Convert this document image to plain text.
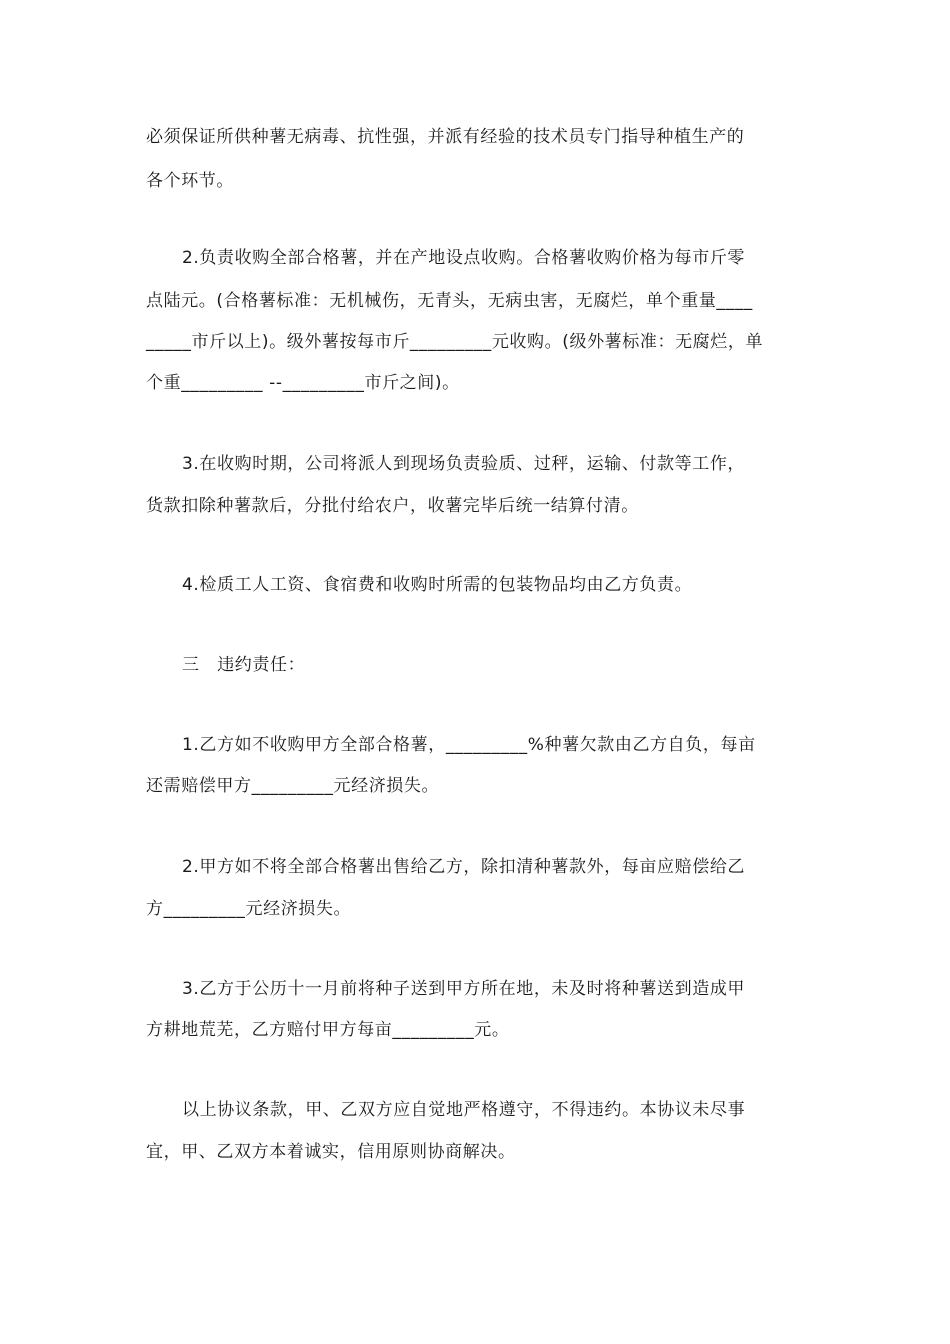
必须保证所供种薯无病毒、抗性强，并派有经验的技术员专门指导种植生产的
各个环节。
2.负责收购全部合格薯，并在产地设点收购。合格薯收购价格为每市斤零
点陆元。(合格薯标准：无机械伤，无青头，无病虫害，无腐烂，单个重量____
_____市斤以上)。级外薯按每市斤_________元收购。(级外薯标准：无腐烂，单
个重_________ --_________市斤之间)。
3.在收购时期，公司将派人到现场负责验质、过秤，运输、付款等工作，
货款扣除种薯款后，分批付给农户，收薯完毕后统一结算付清。
4.检质工人工资、食宿费和收购时所需的包装物品均由乙方负责。
三　违约责任：
1.乙方如不收购甲方全部合格薯，_________%种薯欠款由乙方自负，每亩
还需赔偿甲方_________元经济损失。
2.甲方如不将全部合格薯出售给乙方，除扣清种薯款外，每亩应赔偿给乙
方_________元经济损失。
3.乙方于公历十一月前将种子送到甲方所在地，未及时将种薯送到造成甲
方耕地荒芜，乙方赔付甲方每亩_________元。
以上协议条款，甲、乙双方应自觉地严格遵守，不得违约。本协议未尽事
宜，甲、乙双方本着诚实，信用原则协商解决。
